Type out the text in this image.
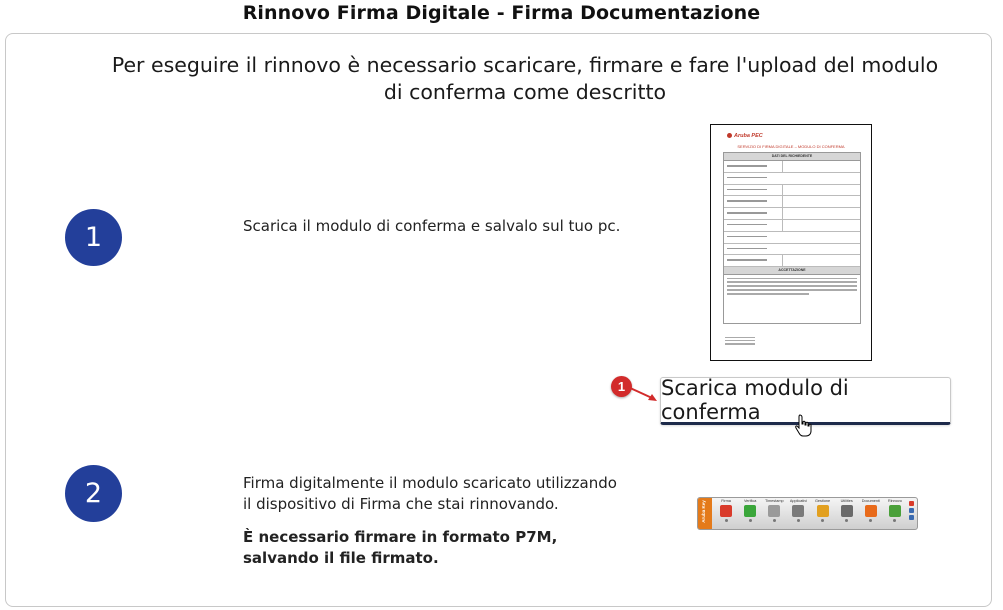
Rinnovo Firma Digitale - Firma Documentazione
Per eseguire il rinnovo è necessario scaricare, firmare e fare l'upload del modulo di conferma come descritto
1	Scarica il modulo di conferma e salvalo sul tuo pc.

Aruba PEC
SERVIZIO DI FIRMA DIGITALE – MODULO DI CONFERMA
DATI DEL RICHIEDENTE
ACCETTAZIONE
1	Scarica modulo di conferma
2	Firma digitalmente il modulo scaricato utilizzando il dispositivo di Firma che stai rinnovando.

È necessario firmare in formato P7M, salvando il file firmato.

Aruba Key	Firma	Verifica	Timestamp	Applicativi	Gestione	Utilities	Documenti	Rinnovo
